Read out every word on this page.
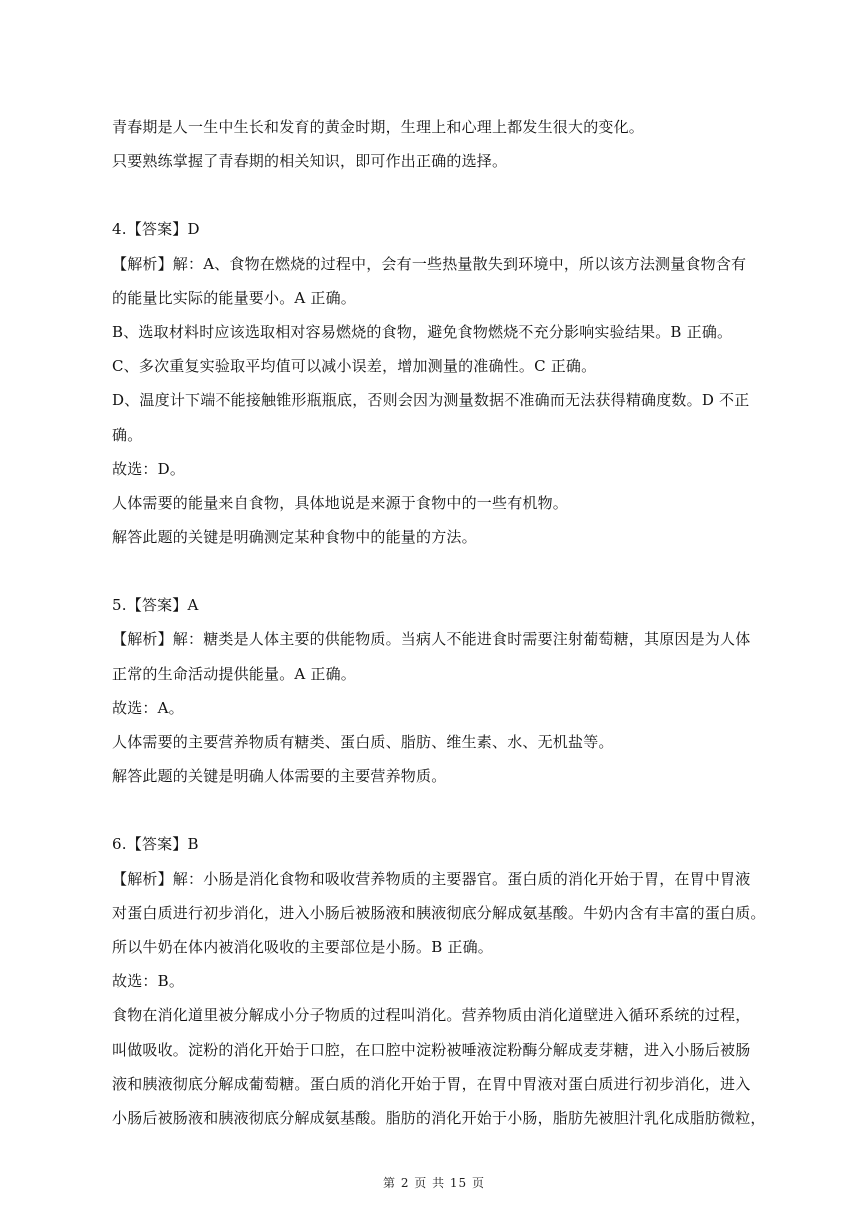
青春期是人一生中生长和发育的黄金时期，生理上和心理上都发生很大的变化。
只要熟练掌握了青春期的相关知识，即可作出正确的选择。
4.【答案】D
【解析】解：A、食物在燃烧的过程中，会有一些热量散失到环境中，所以该方法测量食物含有
的能量比实际的能量要小。A 正确。
B、选取材料时应该选取相对容易燃烧的食物，避免食物燃烧不充分影响实验结果。B 正确。
C、多次重复实验取平均值可以减小误差，增加测量的准确性。C 正确。
D、温度计下端不能接触锥形瓶瓶底，否则会因为测量数据不准确而无法获得精确度数。D 不正
确。
故选：D。
人体需要的能量来自食物，具体地说是来源于食物中的一些有机物。
解答此题的关键是明确测定某种食物中的能量的方法。
5.【答案】A
【解析】解：糖类是人体主要的供能物质。当病人不能进食时需要注射葡萄糖，其原因是为人体
正常的生命活动提供能量。A 正确。
故选：A。
人体需要的主要营养物质有糖类、蛋白质、脂肪、维生素、水、无机盐等。
解答此题的关键是明确人体需要的主要营养物质。
6.【答案】B
【解析】解：小肠是消化食物和吸收营养物质的主要器官。蛋白质的消化开始于胃，在胃中胃液
对蛋白质进行初步消化，进入小肠后被肠液和胰液彻底分解成氨基酸。牛奶内含有丰富的蛋白质。
所以牛奶在体内被消化吸收的主要部位是小肠。B 正确。
故选：B。
食物在消化道里被分解成小分子物质的过程叫消化。营养物质由消化道壁进入循环系统的过程，
叫做吸收。淀粉的消化开始于口腔，在口腔中淀粉被唾液淀粉酶分解成麦芽糖，进入小肠后被肠
液和胰液彻底分解成葡萄糖。蛋白质的消化开始于胃，在胃中胃液对蛋白质进行初步消化，进入
小肠后被肠液和胰液彻底分解成氨基酸。脂肪的消化开始于小肠，脂肪先被胆汁乳化成脂肪微粒，
第 2 页 共 15 页
